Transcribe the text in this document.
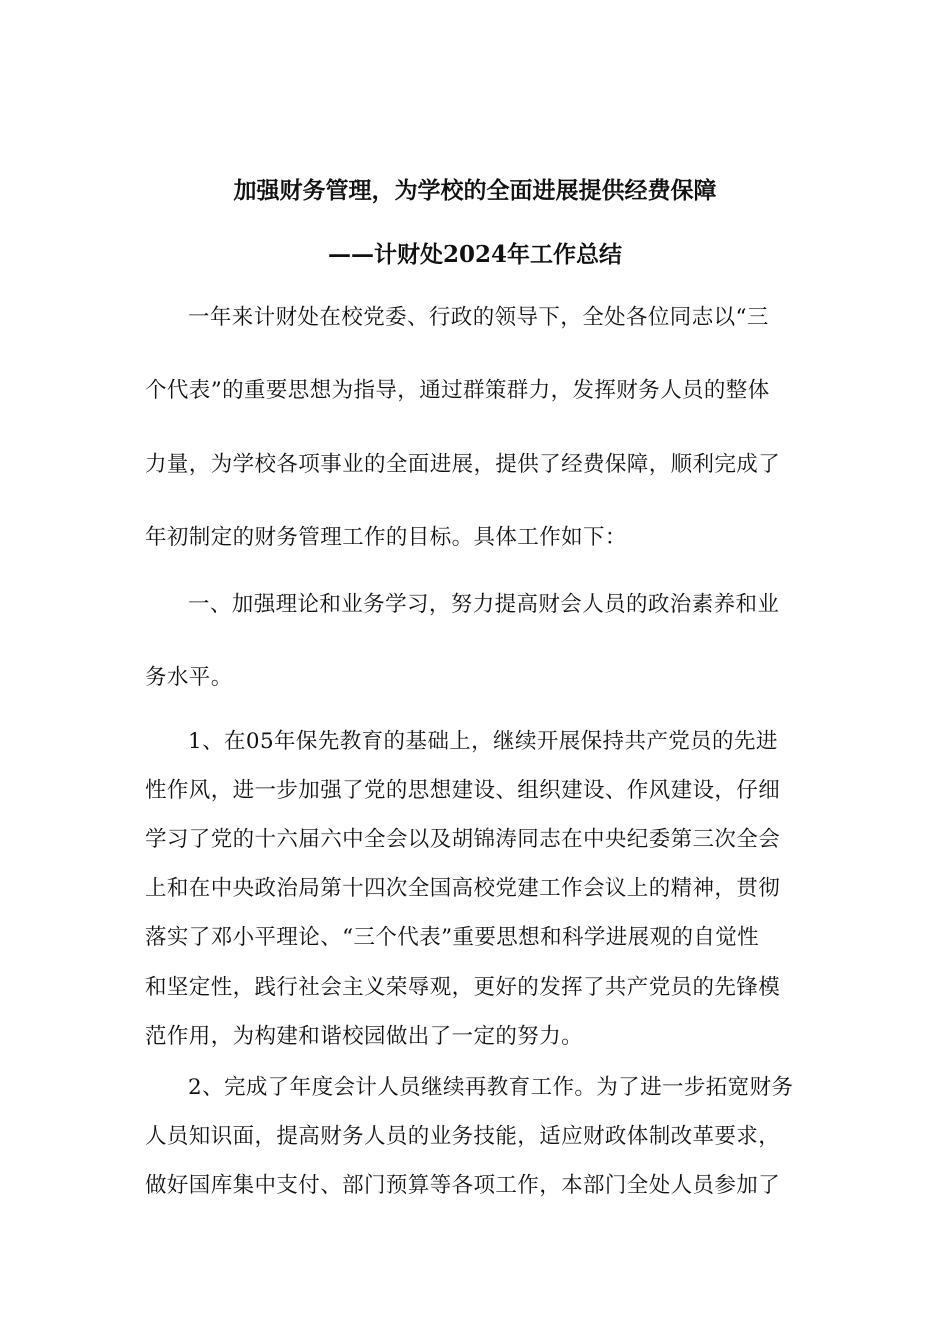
加强财务管理，为学校的全面进展提供经费保障
——计财处2024年工作总结

一年来计财处在校党委、行政的领导下，全处各位同志以“三

个代表”的重要思想为指导，通过群策群力，发挥财务人员的整体

力量，为学校各项事业的全面进展，提供了经费保障，顺利完成了

年初制定的财务管理工作的目标。具体工作如下：

一、加强理论和业务学习，努力提高财会人员的政治素养和业

务水平。

1、在05年保先教育的基础上，继续开展保持共产党员的先进

性作风，进一步加强了党的思想建设、组织建设、作风建设，仔细

学习了党的十六届六中全会以及胡锦涛同志在中央纪委第三次全会

上和在中央政治局第十四次全国高校党建工作会议上的精神，贯彻

落实了邓小平理论、“三个代表”重要思想和科学进展观的自觉性

和坚定性，践行社会主义荣辱观，更好的发挥了共产党员的先锋模

范作用，为构建和谐校园做出了一定的努力。

2、完成了年度会计人员继续再教育工作。为了进一步拓宽财务

人员知识面，提高财务人员的业务技能，适应财政体制改革要求，

做好国库集中支付、部门预算等各项工作，本部门全处人员参加了
